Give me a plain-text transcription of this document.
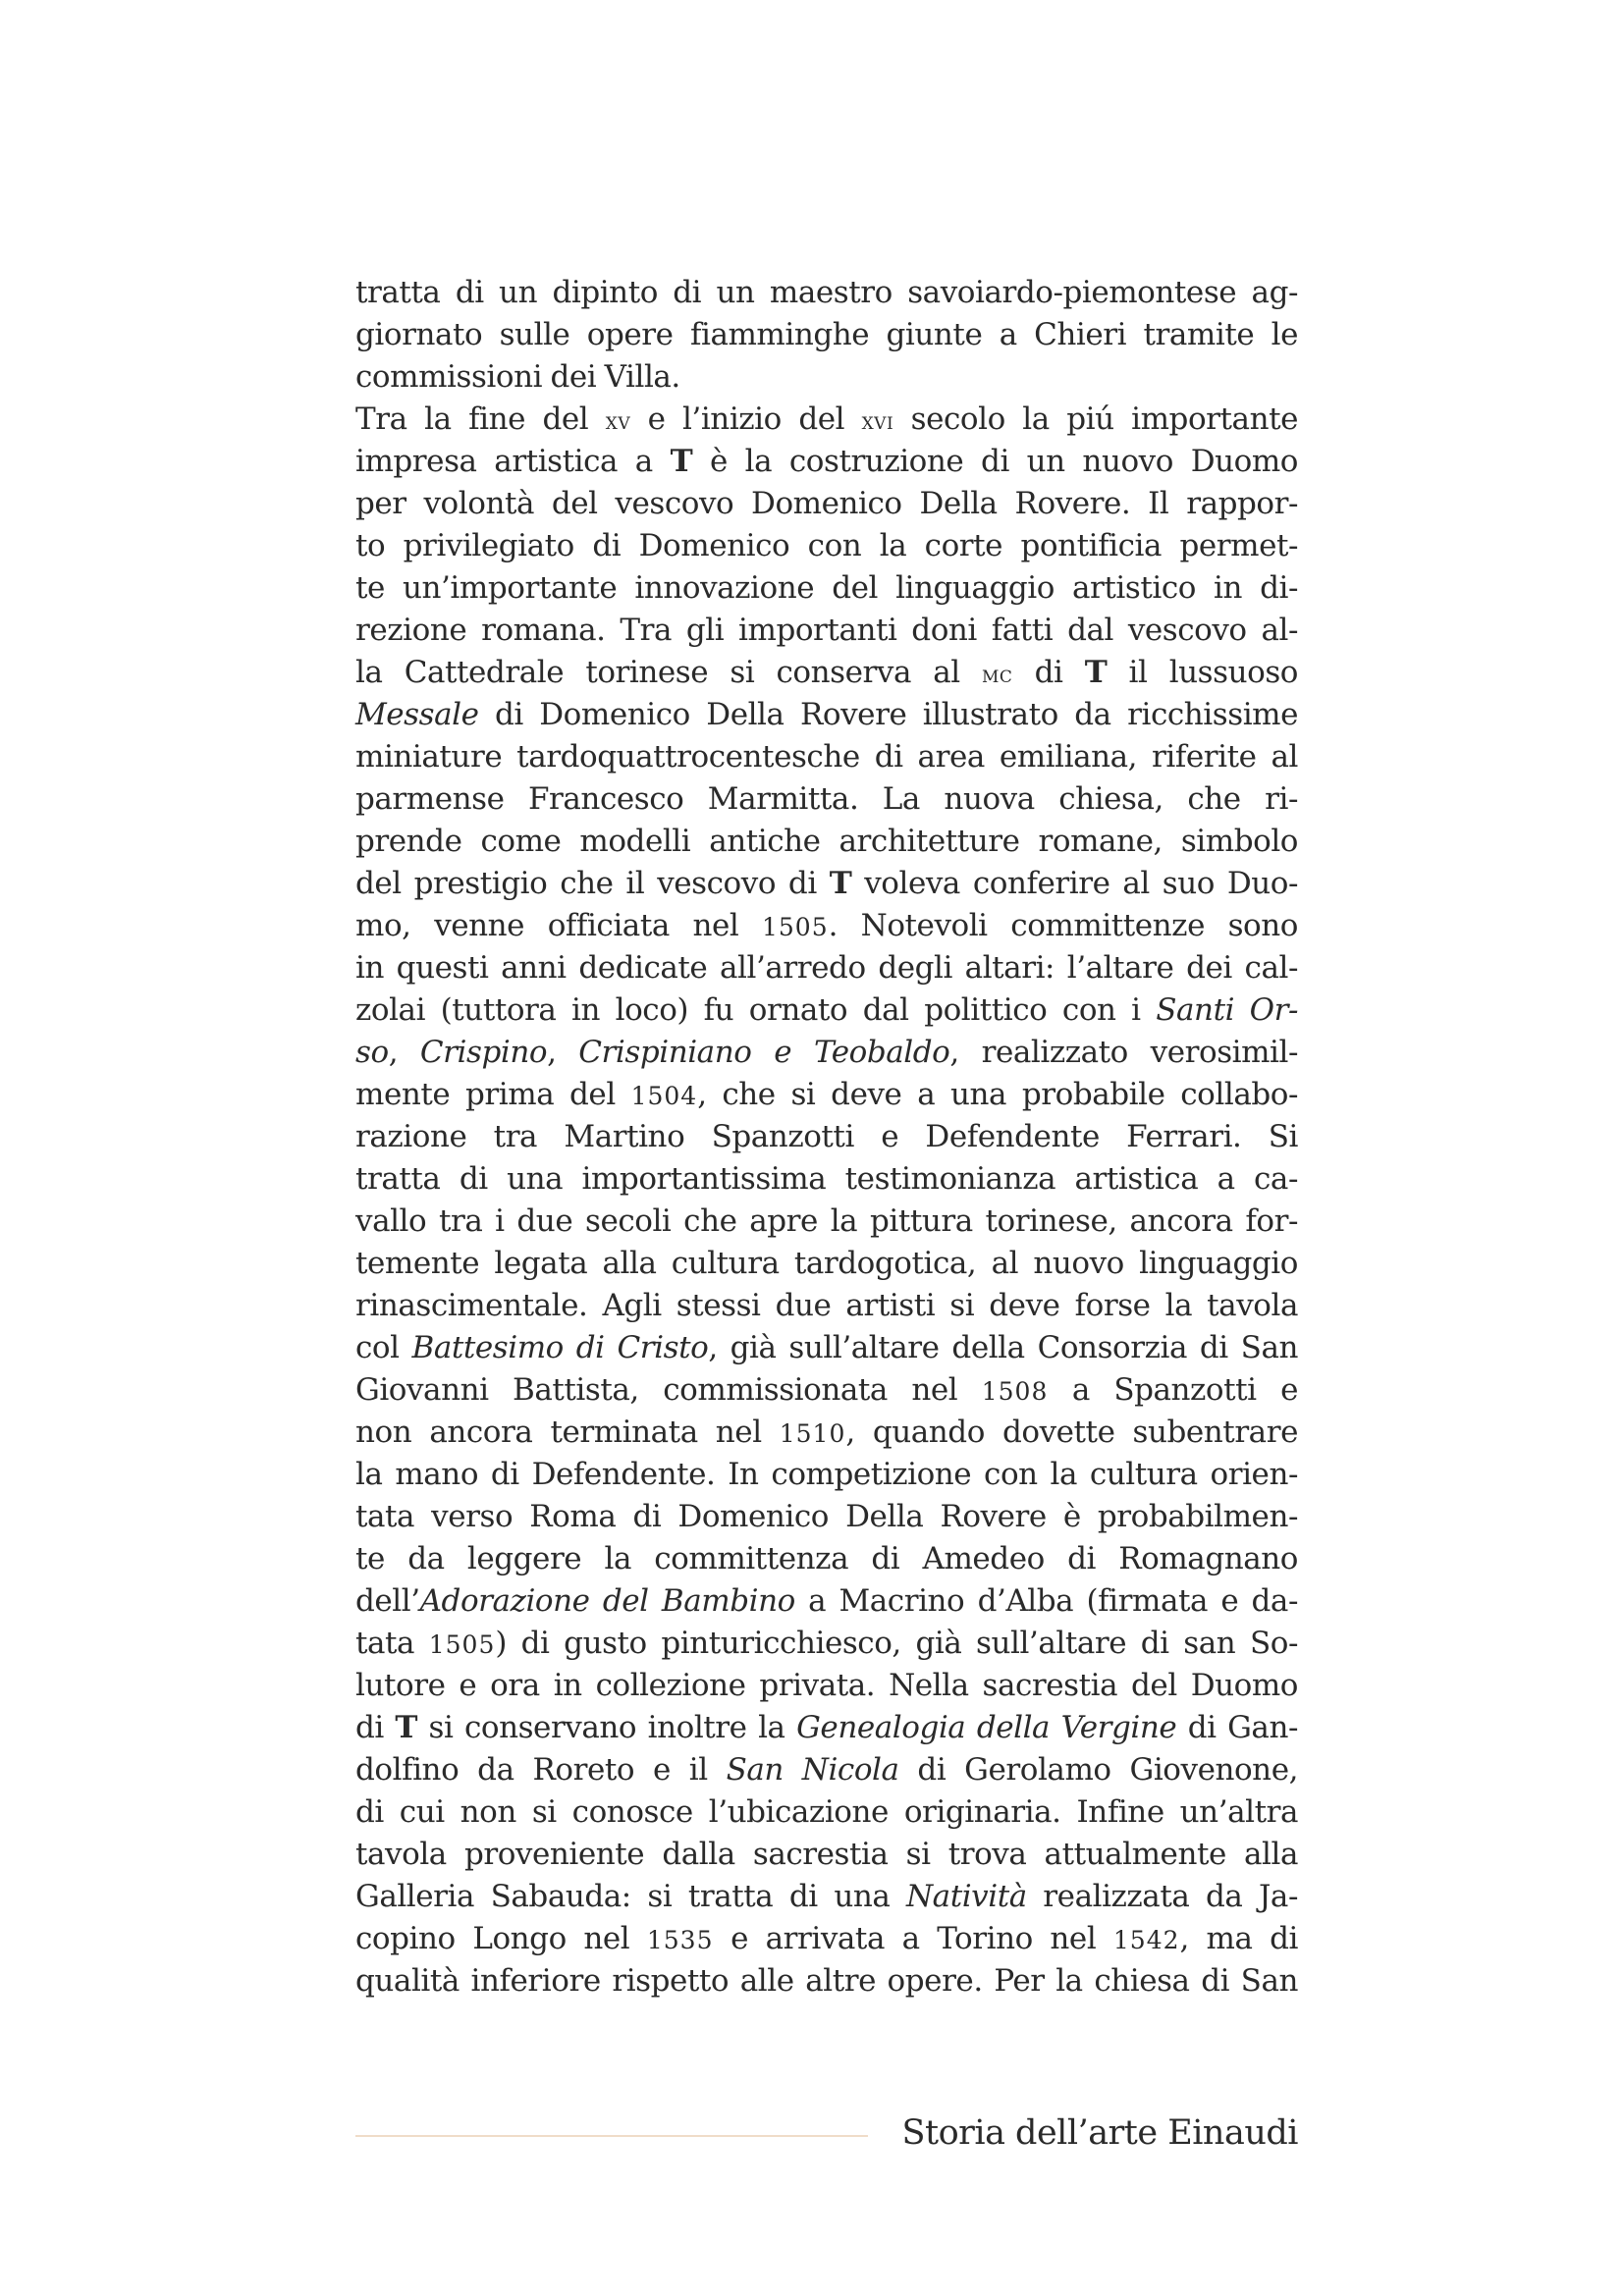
tratta di un dipinto di un maestro savoiardo-piemontese ag-
giornato sulle opere fiamminghe giunte a Chieri tramite le
commissioni dei Villa.
Tra la fine del xv e l’inizio del xvi secolo la piú importante
impresa artistica a T è la costruzione di un nuovo Duomo
per volontà del vescovo Domenico Della Rovere. Il rappor-
to privilegiato di Domenico con la corte pontificia permet-
te un’importante innovazione del linguaggio artistico in di-
rezione romana. Tra gli importanti doni fatti dal vescovo al-
la Cattedrale torinese si conserva al mc di T il lussuoso
Messale di Domenico Della Rovere illustrato da ricchissime
miniature tardoquattrocentesche di area emiliana, riferite al
parmense Francesco Marmitta. La nuova chiesa, che ri-
prende come modelli antiche architetture romane, simbolo
del prestigio che il vescovo di T voleva conferire al suo Duo-
mo, venne officiata nel 1505. Notevoli committenze sono
in questi anni dedicate all’arredo degli altari: l’altare dei cal-
zolai (tuttora in loco) fu ornato dal polittico con i Santi Or-
so, Crispino, Crispiniano e Teobaldo, realizzato verosimil-
mente prima del 1504, che si deve a una probabile collabo-
razione tra Martino Spanzotti e Defendente Ferrari. Si
tratta di una importantissima testimonianza artistica a ca-
vallo tra i due secoli che apre la pittura torinese, ancora for-
temente legata alla cultura tardogotica, al nuovo linguaggio
rinascimentale. Agli stessi due artisti si deve forse la tavola
col Battesimo di Cristo, già sull’altare della Consorzia di San
Giovanni Battista, commissionata nel 1508 a Spanzotti e
non ancora terminata nel 1510, quando dovette subentrare
la mano di Defendente. In competizione con la cultura orien-
tata verso Roma di Domenico Della Rovere è probabilmen-
te da leggere la committenza di Amedeo di Romagnano
dell’Adorazione del Bambino a Macrino d’Alba (firmata e da-
tata 1505) di gusto pinturicchiesco, già sull’altare di san So-
lutore e ora in collezione privata. Nella sacrestia del Duomo
di T si conservano inoltre la Genealogia della Vergine di Gan-
dolfino da Roreto e il San Nicola di Gerolamo Giovenone,
di cui non si conosce l’ubicazione originaria. Infine un’altra
tavola proveniente dalla sacrestia si trova attualmente alla
Galleria Sabauda: si tratta di una Natività realizzata da Ja-
copino Longo nel 1535 e arrivata a Torino nel 1542, ma di
qualità inferiore rispetto alle altre opere. Per la chiesa di San
Storia dell’arte Einaudi
